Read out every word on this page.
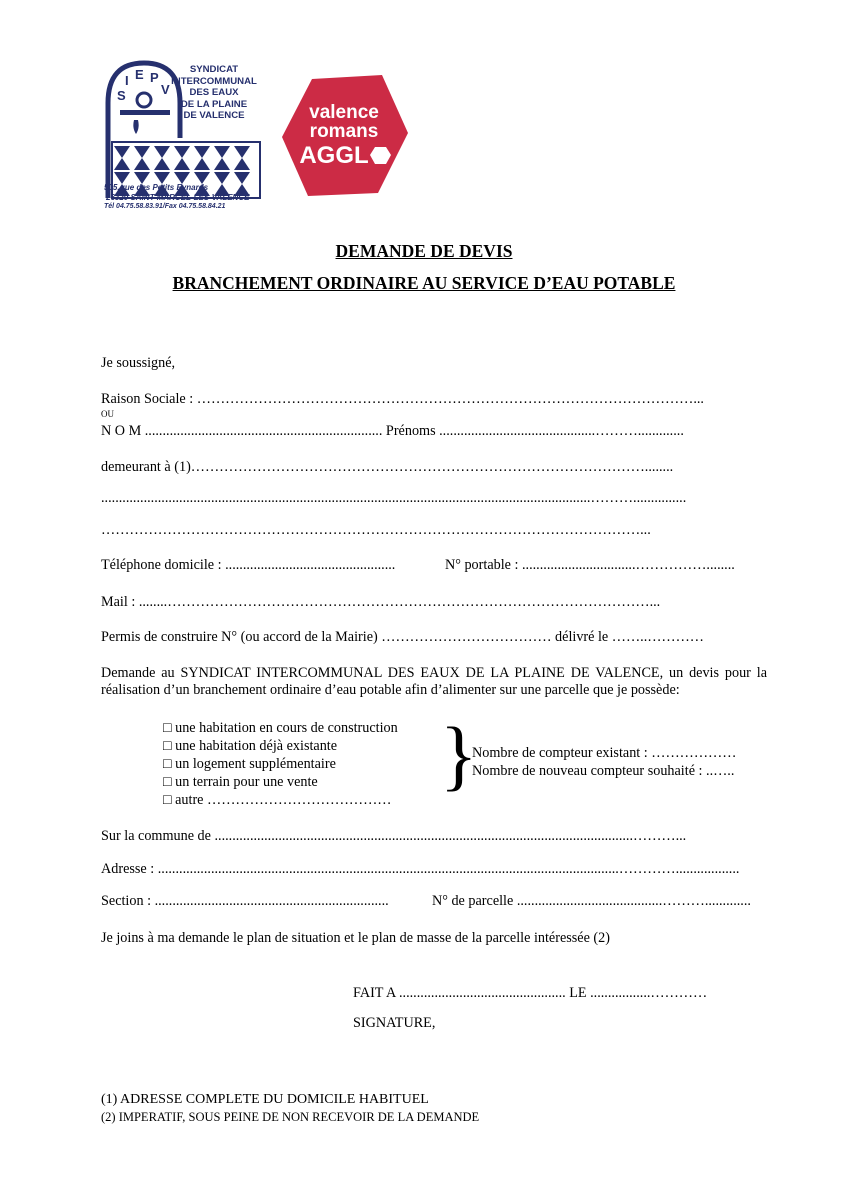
S
I E P
V
SYNDICAT
INTERCOMMUNAL
DES EAUX
DE LA PLAINE
DE VALENCE
505, rue des Petits Eynards
26320 SAINT-MARCEL-LES-VALENCE
Tél 04.75.58.83.91/Fax 04.75.58.84.21
valence
romans
AGGL
DEMANDE DE DEVIS
BRANCHEMENT ORDINAIRE AU SERVICE D’EAU POTABLE
Je soussigné,
Raison Sociale : ……………………………………………………………………………………………...
OU
N O M ................................................................... Prénoms ............................................……….............
demeurant à (1)……………………………………………………………………………………........
..........................................................................................................................................………...............
……………………………………………………………………………………………………...
Téléphone domicile : ................................................	N° portable : ................................……………........
Mail : ........…………………………………………………………………………………………...
Permis de construire N° (ou accord de la Mairie) ……………………………… délivré le ……..…………
Demande au SYNDICAT INTERCOMMUNAL DES EAUX DE LA PLAINE DE VALENCE, un devis pour la réalisation d’un branchement ordinaire d’eau potable afin d’alimenter sur une parcelle que je possède:
□ une habitation en cours de construction
□ une habitation déjà existante
□ un logement supplémentaire
□ un terrain pour une vente
□ autre …………………………………
}
Nombre de compteur existant : ………………
Nombre de nouveau compteur souhaité : ..…..
Sur la commune de ......................................................................................................................………...
Adresse : ..................................................................................................................................…………..................
Section : ..................................................................	N° de parcelle .........................................……….............
Je joins à ma demande le plan de situation et le plan de masse de la parcelle intéressée (2)
FAIT A ............................................... LE .................…………
SIGNATURE,
(1) ADRESSE COMPLETE DU DOMICILE HABITUEL
(2) IMPERATIF, SOUS PEINE DE NON RECEVOIR DE LA DEMANDE
